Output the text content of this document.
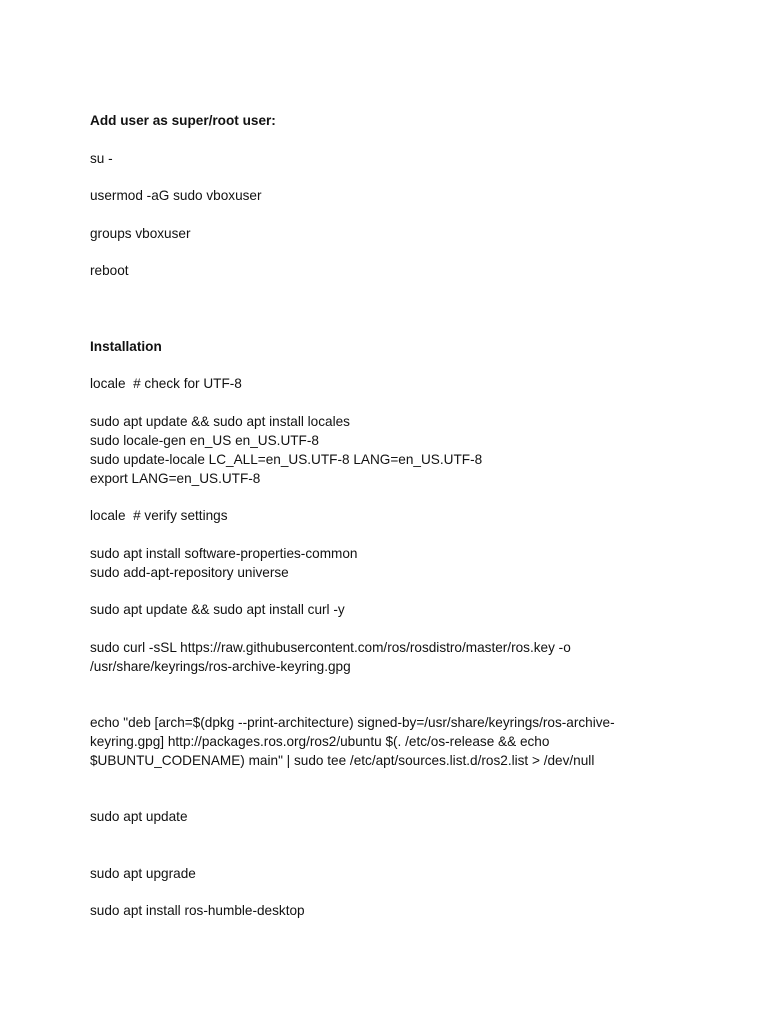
Add user as super/root user:

su -

usermod -aG sudo vboxuser

groups vboxuser

reboot

Installation

locale  # check for UTF-8

sudo apt update && sudo apt install locales

sudo locale-gen en_US en_US.UTF-8

sudo update-locale LC_ALL=en_US.UTF-8 LANG=en_US.UTF-8

export LANG=en_US.UTF-8

locale  # verify settings

sudo apt install software-properties-common

sudo add-apt-repository universe

sudo apt update && sudo apt install curl -y

sudo curl -sSL https://raw.githubusercontent.com/ros/rosdistro/master/ros.key -o

/usr/share/keyrings/ros-archive-keyring.gpg

echo "deb [arch=$(dpkg --print-architecture) signed-by=/usr/share/keyrings/ros-archive-

keyring.gpg] http://packages.ros.org/ros2/ubuntu $(. /etc/os-release && echo

$UBUNTU_CODENAME) main" | sudo tee /etc/apt/sources.list.d/ros2.list > /dev/null

sudo apt update

sudo apt upgrade

sudo apt install ros-humble-desktop
